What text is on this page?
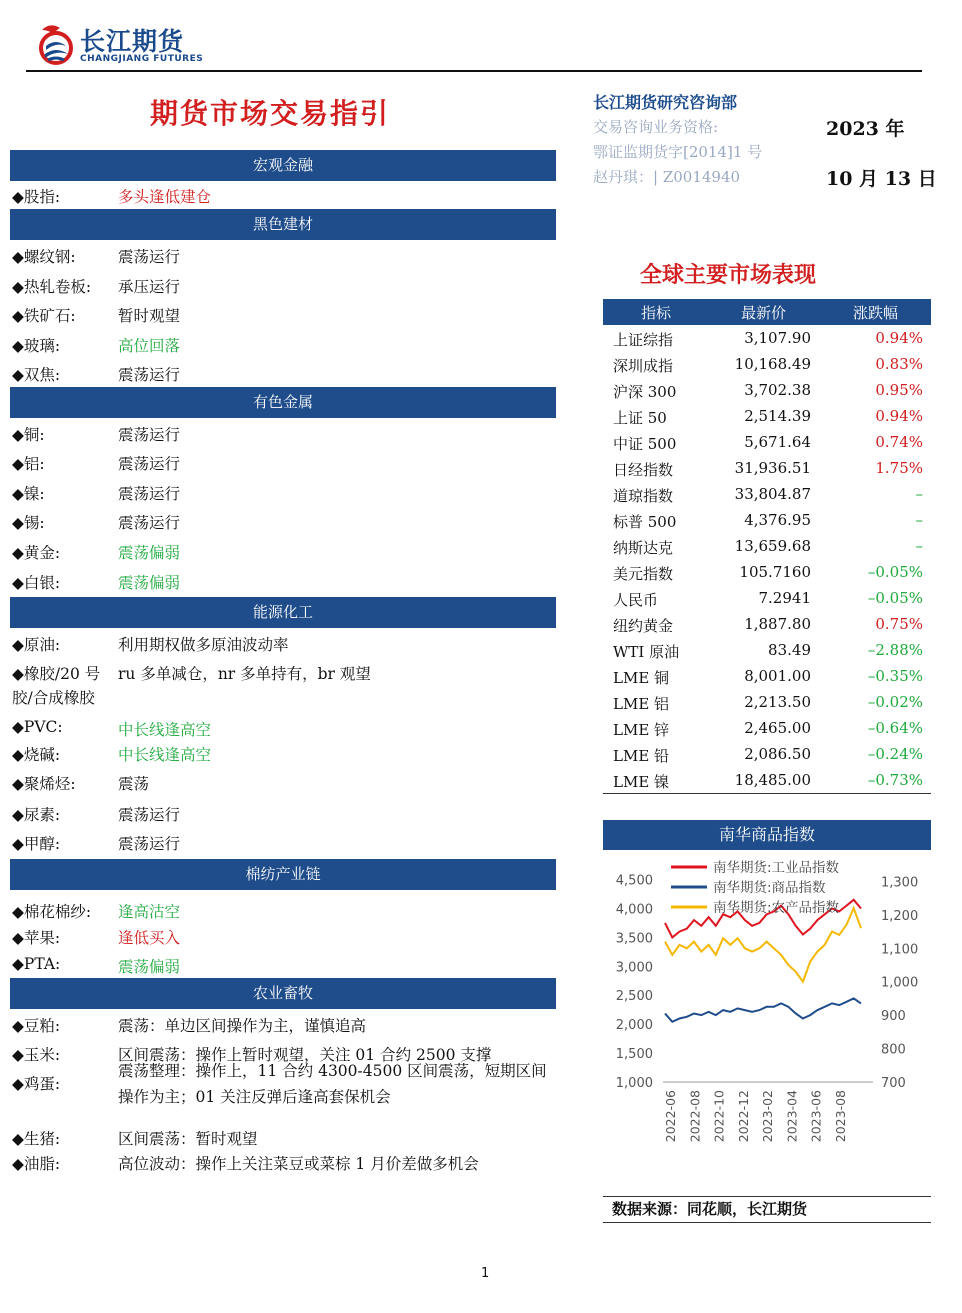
长江期货
CHANGJIANG FUTURES
期货市场交易指引	长江期货研究咨询部
交易咨询业务资格:
鄂证监期货字[2014]1 号
赵丹琪：| Z0014940
2023 年
10 月 13 日
宏观金融
◆股指:	多头逢低建仓
黑色建材
◆螺纹钢:	震荡运行
◆热轧卷板: 承压运行
◆铁矿石:	暂时观望
◆玻璃:	高位回落
◆双焦:	震荡运行
有色金属
◆铜:	震荡运行
◆铝:	震荡运行
◆镍:	震荡运行
◆锡:	震荡运行
◆黄金:	震荡偏弱
◆白银:	震荡偏弱
能源化工
◆原油:	利用期权做多原油波动率
◆橡胶/20 号
胶/合成橡胶
ru 多单减仓，nr 多单持有，br 观望
◆PVC:	中长线逢高空
◆烧碱:	中长线逢高空
◆聚烯烃:	震荡
◆尿素:	震荡运行
◆甲醇:	震荡运行
棉纺产业链
◆棉花棉纱: 逢高沽空
◆苹果:	逢低买入
◆PTA:	震荡偏弱
农业畜牧
◆豆粕:	震荡：单边区间操作为主，谨慎追高
◆玉米:	区间震荡：操作上暂时观望，关注 01 合约 2500 支撑
◆鸡蛋:
震荡整理：操作上，11 合约 4300-4500 区间震荡，短期区间
操作为主；01 关注反弹后逢高套保机会
◆生猪:	区间震荡：暂时观望
◆油脂:	高位波动：操作上关注菜豆或菜棕 1 月价差做多机会
全球主要市场表现
指标	最新价	涨跌幅
上证综指	3,107.90	0.94%
深圳成指	10,168.49	0.83%
沪深 300	3,702.38	0.95%
上证 50	2,514.39	0.94%
中证 500	5,671.64	0.74%
日经指数	31,936.51	1.75%
道琼指数	33,804.87	–
标普 500	4,376.95	–
纳斯达克	13,659.68	–
美元指数	105.7160	–0.05%
人民币	7.2941	–0.05%
纽约黄金	1,887.80	0.75%
WTI 原油	83.49	–2.88%
LME 铜	8,001.00	–0.35%
LME 铝	2,213.50	–0.02%
LME 锌	2,465.00	–0.64%
LME 铅	2,086.50	–0.24%
LME 镍	18,485.00	–0.73%
南华商品指数
1,000
1,500
2,000
2,500
3,000
3,500
4,000
4,500
700
800
900
1,000
1,100
1,200
1,300
2022-06 2022-08 2022-10 2022-12 2023-02 2023-04 2023-06 2023-08
南华期货:工业品指数
南华期货:商品指数
南华期货:农产品指数
数据来源：同花顺，长江期货
1
